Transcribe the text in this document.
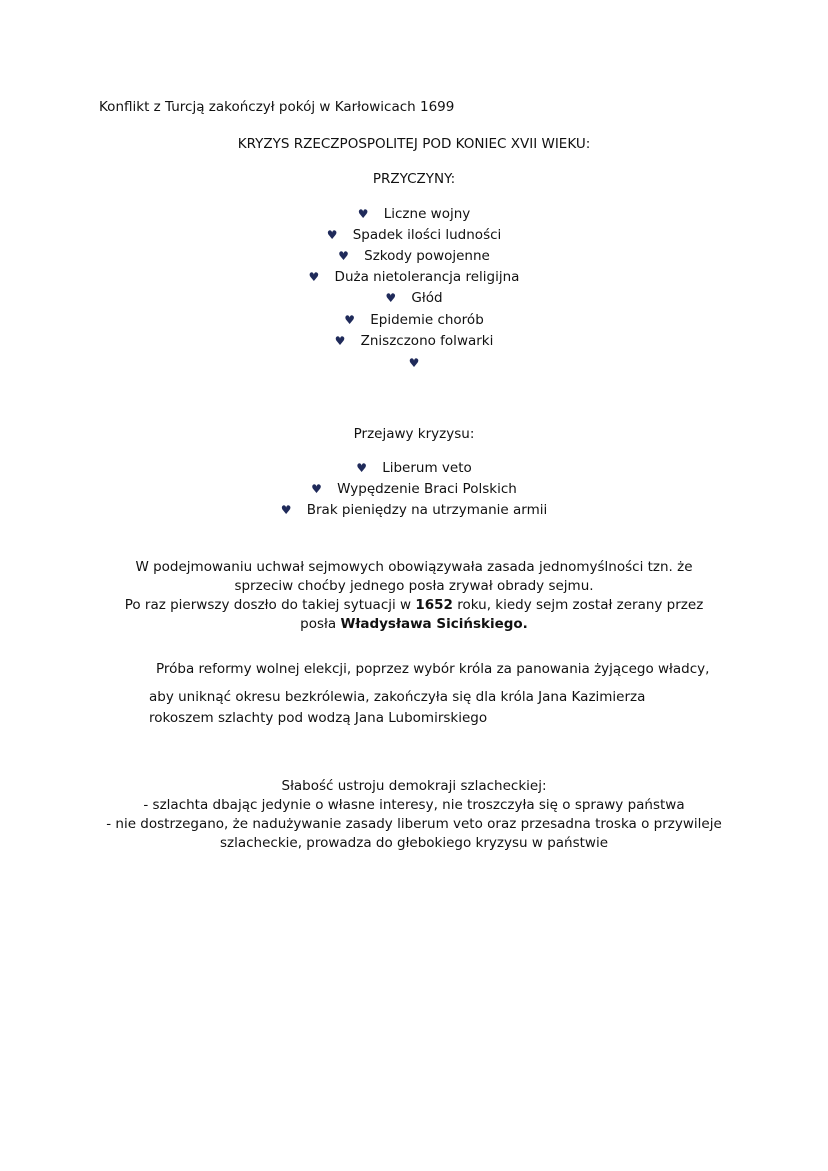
Konflikt z Turcją zakończył pokój w Karłowicach 1699
KRYZYS RZECZPOSPOLITEJ POD KONIEC XVII WIEKU:
PRZYCZYNY:
♥ Liczne wojny
♥ Spadek ilości ludności
♥ Szkody powojenne
♥ Duża nietolerancja religijna
♥ Głód
♥ Epidemie chorób
♥ Zniszczono folwarki
♥
Przejawy kryzysu:
♥ Liberum veto
♥ Wypędzenie Braci Polskich
♥ Brak pieniędzy na utrzymanie armii
W podejmowaniu uchwał sejmowych obowiązywała zasada jednomyślności tzn. że
sprzeciw choćby jednego posła zrywał obrady sejmu.
Po raz pierwszy doszło do takiej sytuacji w 1652 roku, kiedy sejm został zerany przez
posła Władysława Sicińskiego.
Próba reformy wolnej elekcji, poprzez wybór króla za panowania żyjącego władcy,
aby uniknąć okresu bezkrólewia, zakończyła się dla króla Jana Kazimierza
rokoszem szlachty pod wodzą Jana Lubomirskiego
Słabość ustroju demokraji szlacheckiej:
- szlachta dbając jedynie o własne interesy, nie troszczyła się o sprawy państwa
- nie dostrzegano, że nadużywanie zasady liberum veto oraz przesadna troska o przywileje
szlacheckie, prowadza do głebokiego kryzysu w państwie
